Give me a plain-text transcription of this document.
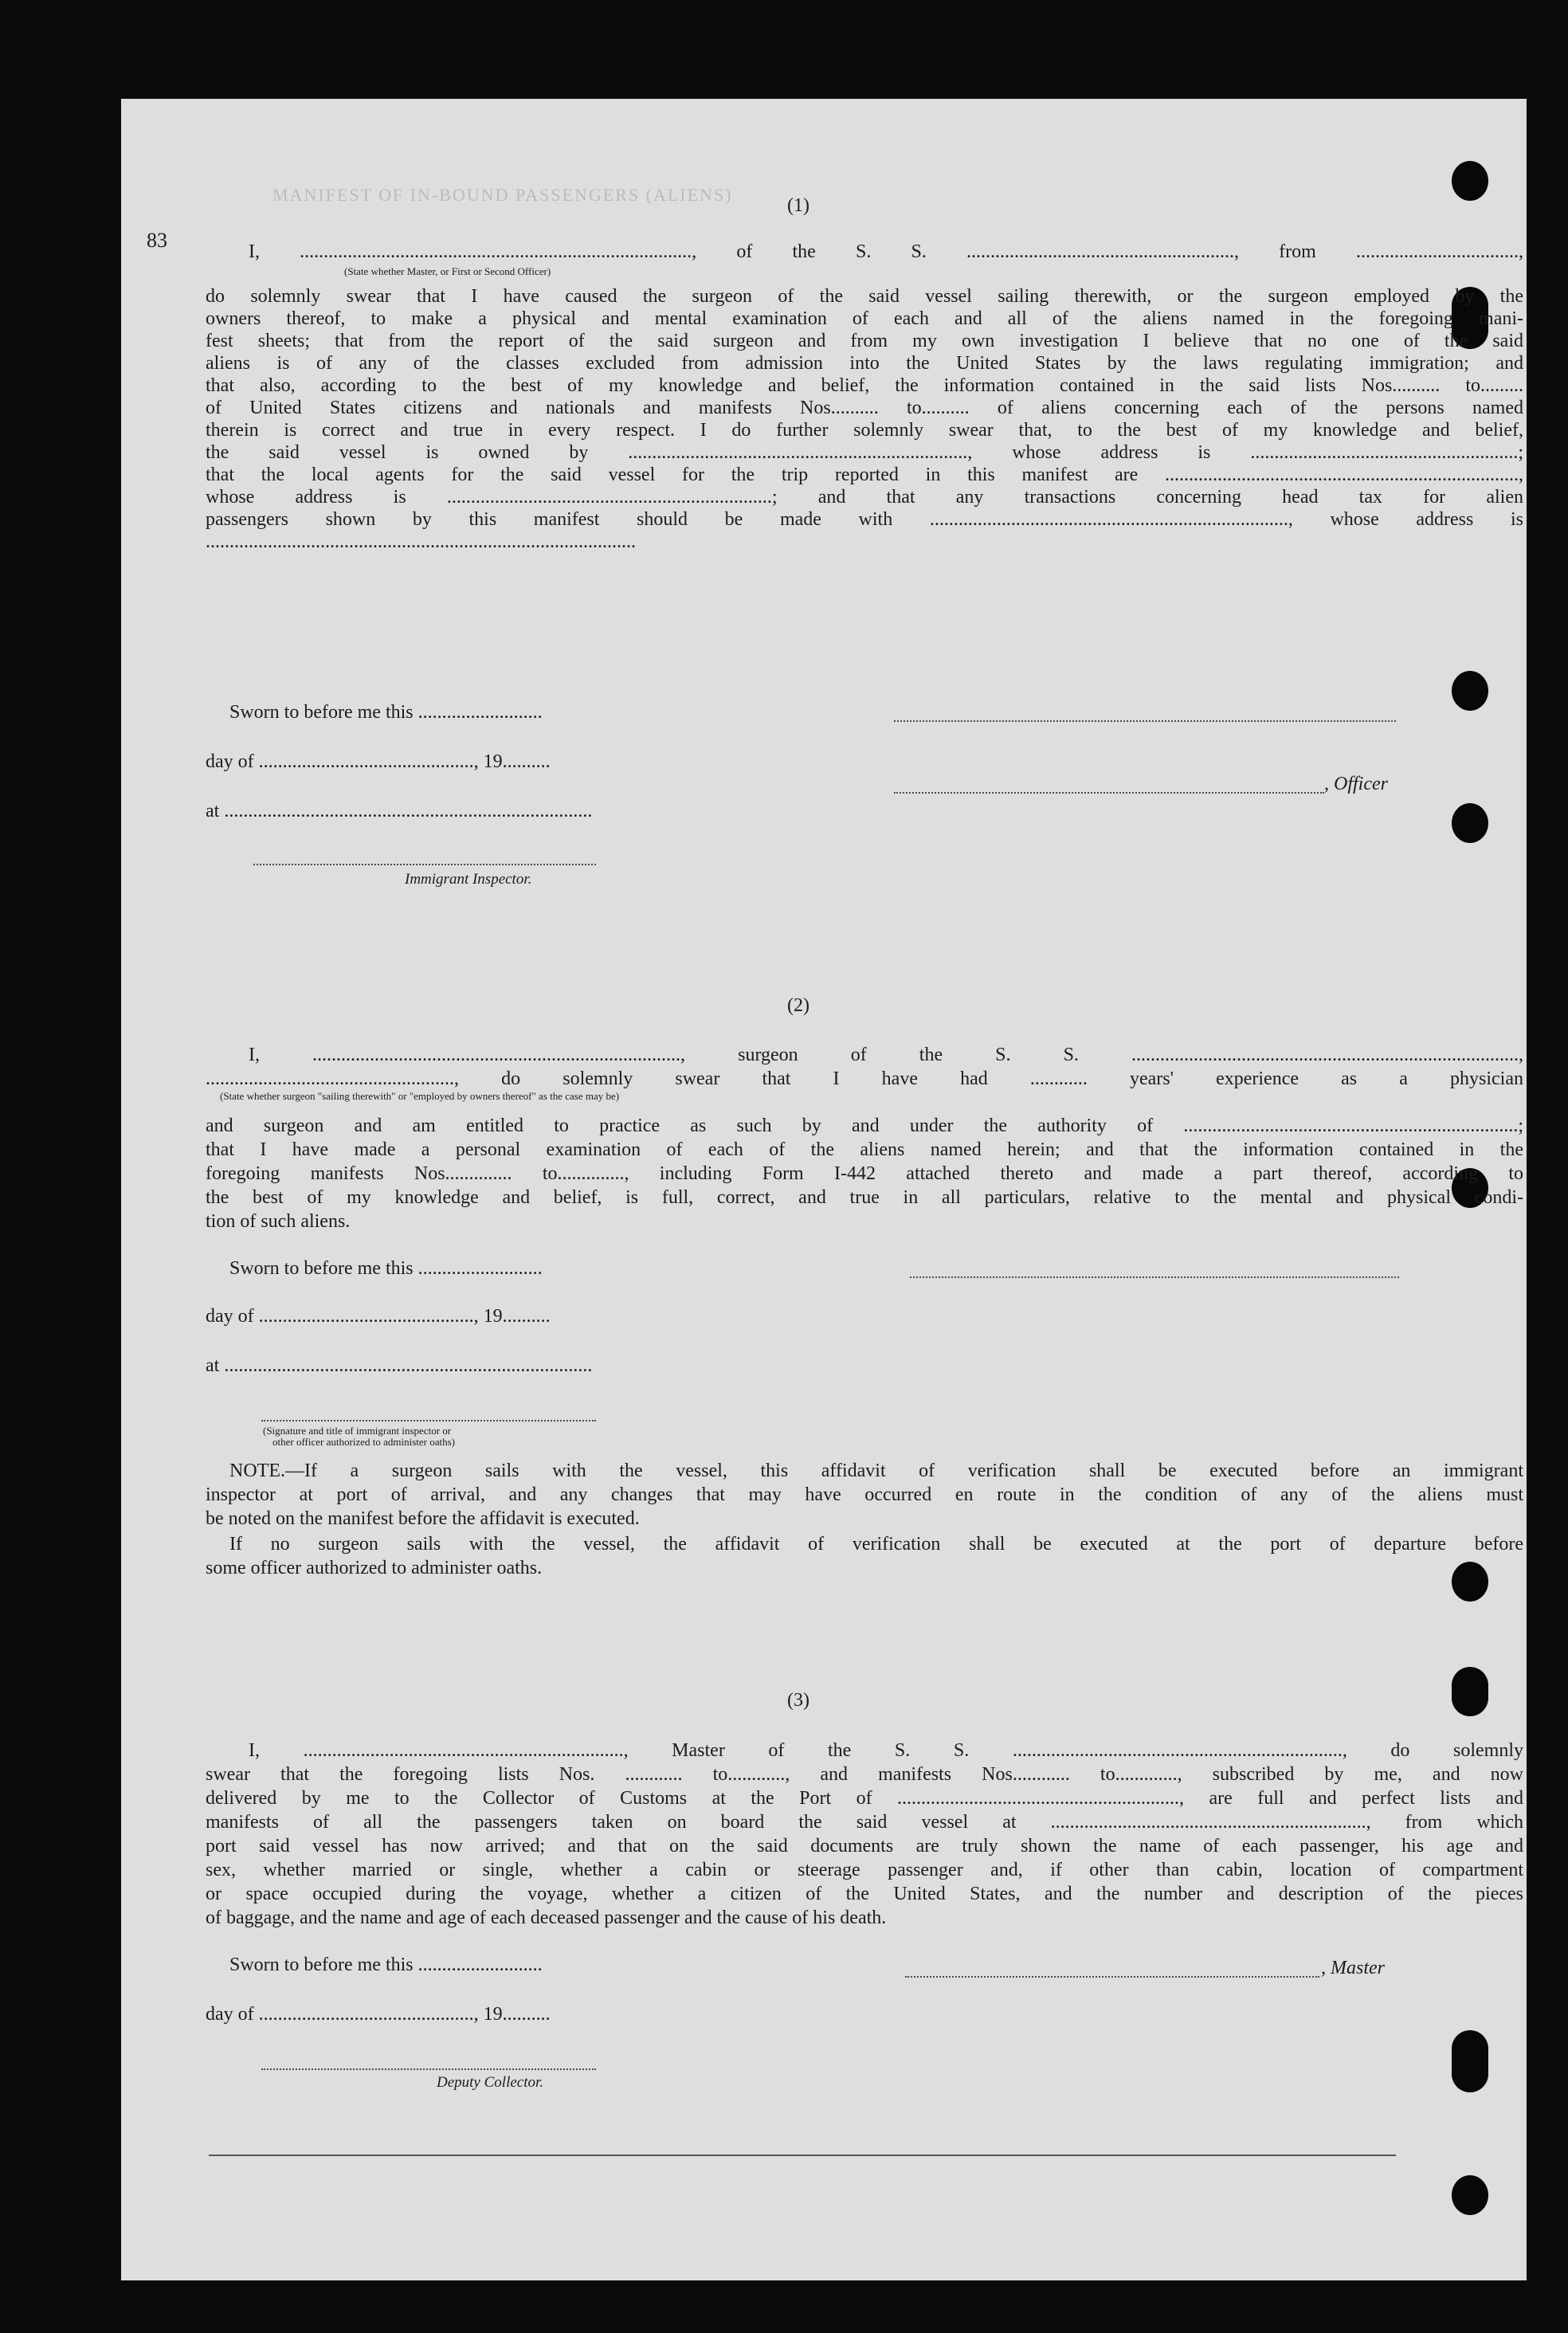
MANIFEST OF IN-BOUND PASSENGERS (ALIENS)
83
(1)
I, .................................................................................., of the S. S. ........................................................, from ..................................,
(State whether Master, or First or Second Officer)
do solemnly swear that I have caused the surgeon of the said vessel sailing therewith, or the surgeon employed by the
owners thereof, to make a physical and mental examination of each and all of the aliens named in the foregoing mani-
fest sheets; that from the report of the said surgeon and from my own investigation I believe that no one of the said
aliens is of any of the classes excluded from admission into the United States by the laws regulating immigration; and
that also, according to the best of my knowledge and belief, the information contained in the said lists Nos.......... to.........
of United States citizens and nationals and manifests Nos.......... to.......... of aliens concerning each of the persons named
therein is correct and true in every respect. I do further solemnly swear that, to the best of my knowledge and belief,
the said vessel is owned by ......................................................................., whose address is ........................................................;
that the local agents for the said vessel for the trip reported in this manifest are ..........................................................................,
whose address is ....................................................................; and that any transactions concerning head tax for alien
passengers shown by this manifest should be made with ..........................................................................., whose address is
..........................................................................................
Sworn to before me this ..........................
day of ............................................., 19..........
, Officer
at .............................................................................
Immigrant Inspector.
(2)
I, ............................................................................., surgeon of the S. S. .................................................................................,
...................................................., do solemnly swear that I have had ............ years' experience as a physician
(State whether surgeon "sailing therewith" or "employed by owners thereof" as the case may be)
and surgeon and am entitled to practice as such by and under the authority of ......................................................................;
that I have made a personal examination of each of the aliens named herein; and that the information contained in the
foregoing manifests Nos.............. to.............., including Form I-442 attached thereto and made a part thereof, according to
the best of my knowledge and belief, is full, correct, and true in all particulars, relative to the mental and physical condi-
tion of such aliens.
Sworn to before me this ..........................
day of ............................................., 19..........
at .............................................................................
(Signature and title of immigrant inspector or
other officer authorized to administer oaths)
NOTE.—If a surgeon sails with the vessel, this affidavit of verification shall be executed before an immigrant
inspector at port of arrival, and any changes that may have occurred en route in the condition of any of the aliens must
be noted on the manifest before the affidavit is executed.
If no surgeon sails with the vessel, the affidavit of verification shall be executed at the port of departure before
some officer authorized to administer oaths.
(3)
I, ..................................................................., Master of the S. S. ....................................................................., do solemnly
swear that the foregoing lists Nos. ............ to............, and manifests Nos............ to............., subscribed by me, and now
delivered by me to the Collector of Customs at the Port of ..........................................................., are full and perfect lists and
manifests of all the passengers taken on board the said vessel at .................................................................., from which
port said vessel has now arrived; and that on the said documents are truly shown the name of each passenger, his age and
sex, whether married or single, whether a cabin or steerage passenger and, if other than cabin, location of compartment
or space occupied during the voyage, whether a citizen of the United States, and the number and description of the pieces
of baggage, and the name and age of each deceased passenger and the cause of his death.
Sworn to before me this ..........................	, Master
day of ............................................., 19..........
Deputy Collector.
